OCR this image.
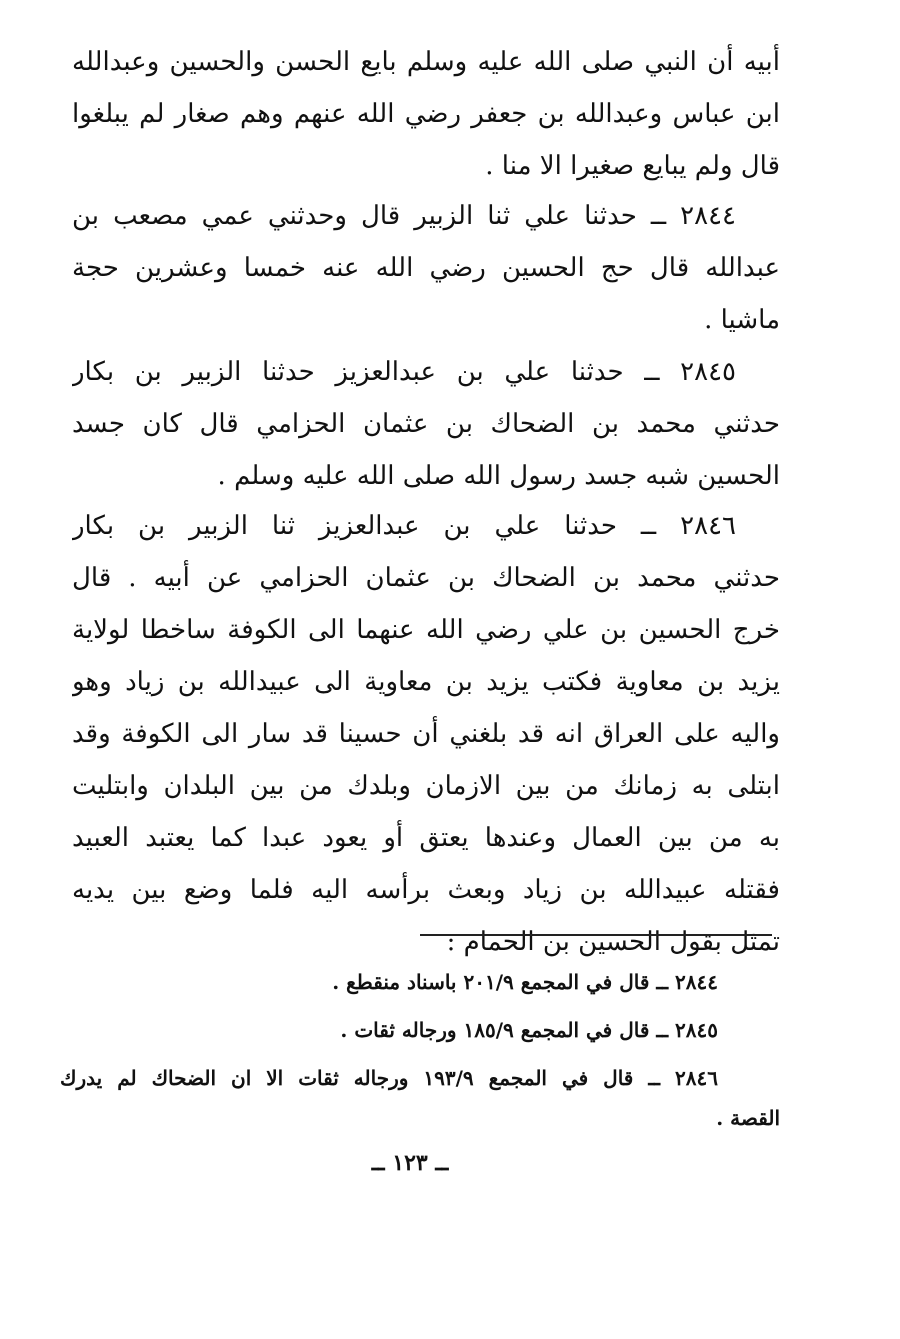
أبيه أن النبي صلى الله عليه وسلم بايع الحسن والحسين وعبدالله
ابن عباس وعبدالله بن جعفر رضي الله عنهم وهم صغار لم يبلغوا
قال ولم يبايع صغيرا الا منا .
٢٨٤٤ ــ حدثنا علي ثنا الزبير قال وحدثني عمي مصعب بن
عبدالله قال حج الحسين رضي الله عنه خمسا وعشرين حجة
ماشيا .
٢٨٤٥ ــ حدثنا علي بن عبدالعزيز حدثنا الزبير بن بكار
حدثني محمد بن الضحاك بن عثمان الحزامي قال كان جسد
الحسين شبه جسد رسول الله صلى الله عليه وسلم .
٢٨٤٦ ــ حدثنا علي بن عبدالعزيز ثنا الزبير بن بكار
حدثني محمد بن الضحاك بن عثمان الحزامي عن أبيه . قال
خرج الحسين بن علي رضي الله عنهما الى الكوفة ساخطا لولاية
يزيد بن معاوية فكتب يزيد بن معاوية الى عبيدالله بن زياد وهو
واليه على العراق انه قد بلغني أن حسينا قد سار الى الكوفة وقد
ابتلى به زمانك من بين الازمان وبلدك من بين البلدان وابتليت
به من بين العمال وعندها يعتق أو يعود عبدا كما يعتبد العبيد
فقتله عبيدالله بن زياد وبعث برأسه اليه فلما وضع بين يديه
تمثل بقول الحسين بن الحمام :
٢٨٤٤ ــ قال في المجمع ٢٠١/٩ باسناد منقطع .
٢٨٤٥ ــ قال في المجمع ١٨٥/٩ ورجاله ثقات .
٢٨٤٦ ــ قال في المجمع ١٩٣/٩ ورجاله ثقات الا ان الضحاك لم يدرك
القصة .
ــ ١٢٣ ــ
